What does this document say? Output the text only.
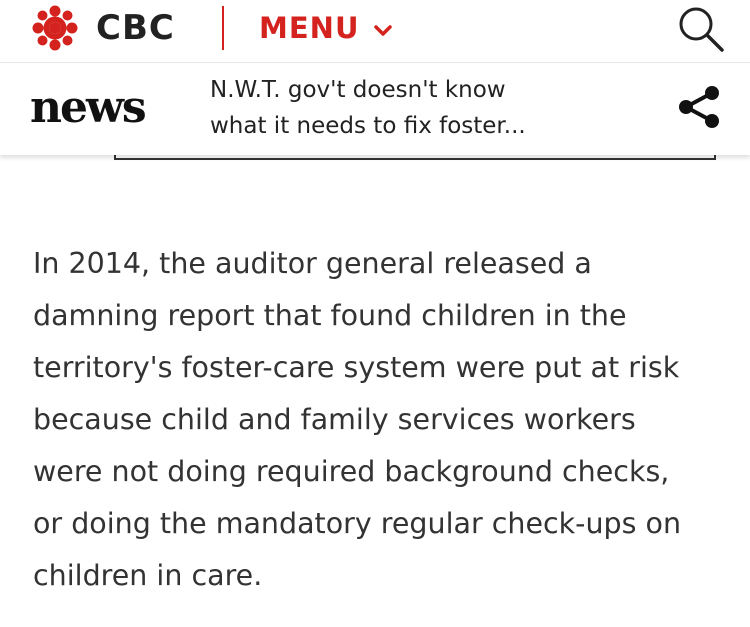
CBC	MENU
news	N.W.T. gov't doesn't know
what it needs to fix foster...
In 2014, the auditor general released a
damning report that found children in the
territory's foster-care system were put at risk
because child and family services workers
were not doing required background checks,
or doing the mandatory regular check-ups on
children in care.
